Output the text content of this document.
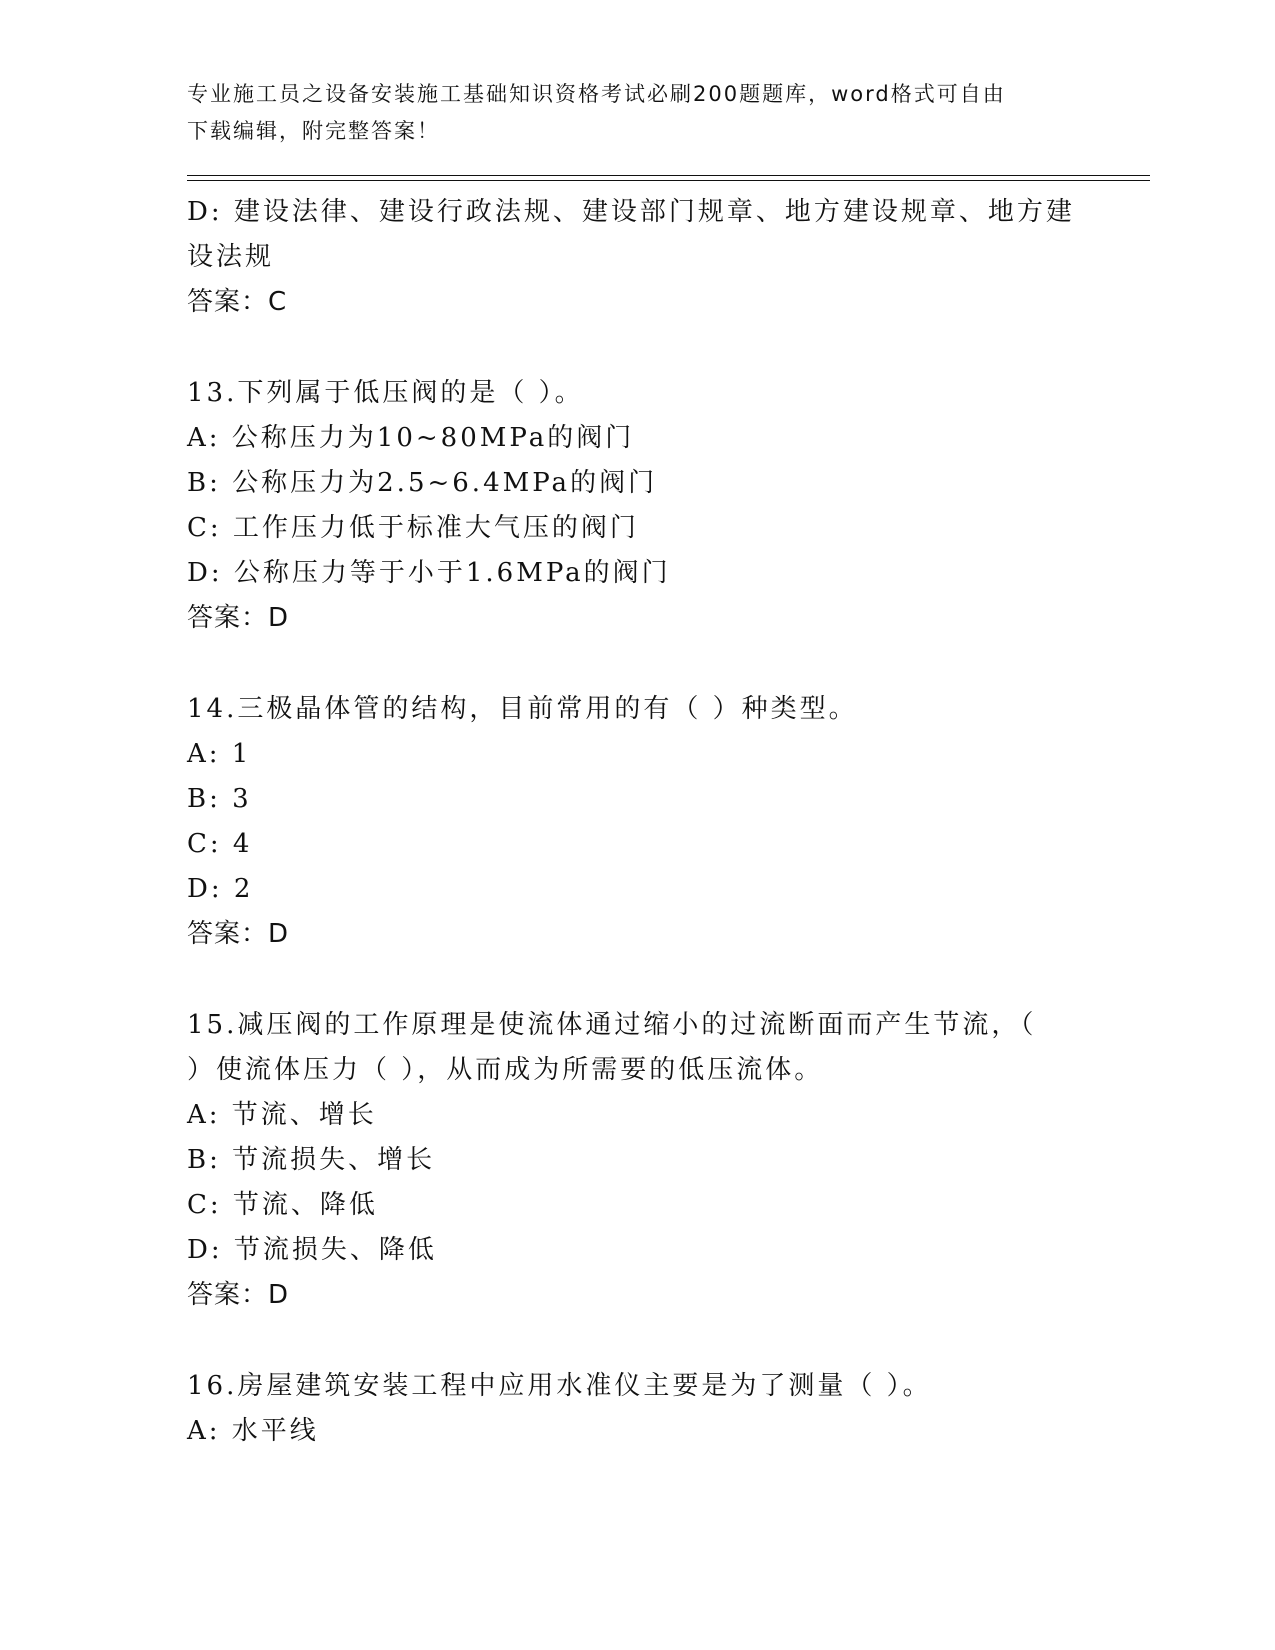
专业施工员之设备安装施工基础知识资格考试必刷200题题库，word格式可自由
下载编辑，附完整答案！
D: 建设法律、建设行政法规、建设部门规章、地方建设规章、地方建
设法规
答案：C
13.下列属于低压阀的是（ ）。
A: 公称压力为10~80MPa的阀门
B: 公称压力为2.5~6.4MPa的阀门
C: 工作压力低于标准大气压的阀门
D: 公称压力等于小于1.6MPa的阀门
答案：D
14.三极晶体管的结构，目前常用的有（ ）种类型。
A: 1
B: 3
C: 4
D: 2
答案：D
15.减压阀的工作原理是使流体通过缩小的过流断面而产生节流，（
）使流体压力（ ），从而成为所需要的低压流体。
A: 节流、增长
B: 节流损失、增长
C: 节流、降低
D: 节流损失、降低
答案：D
16.房屋建筑安装工程中应用水准仪主要是为了测量（ ）。
A: 水平线
